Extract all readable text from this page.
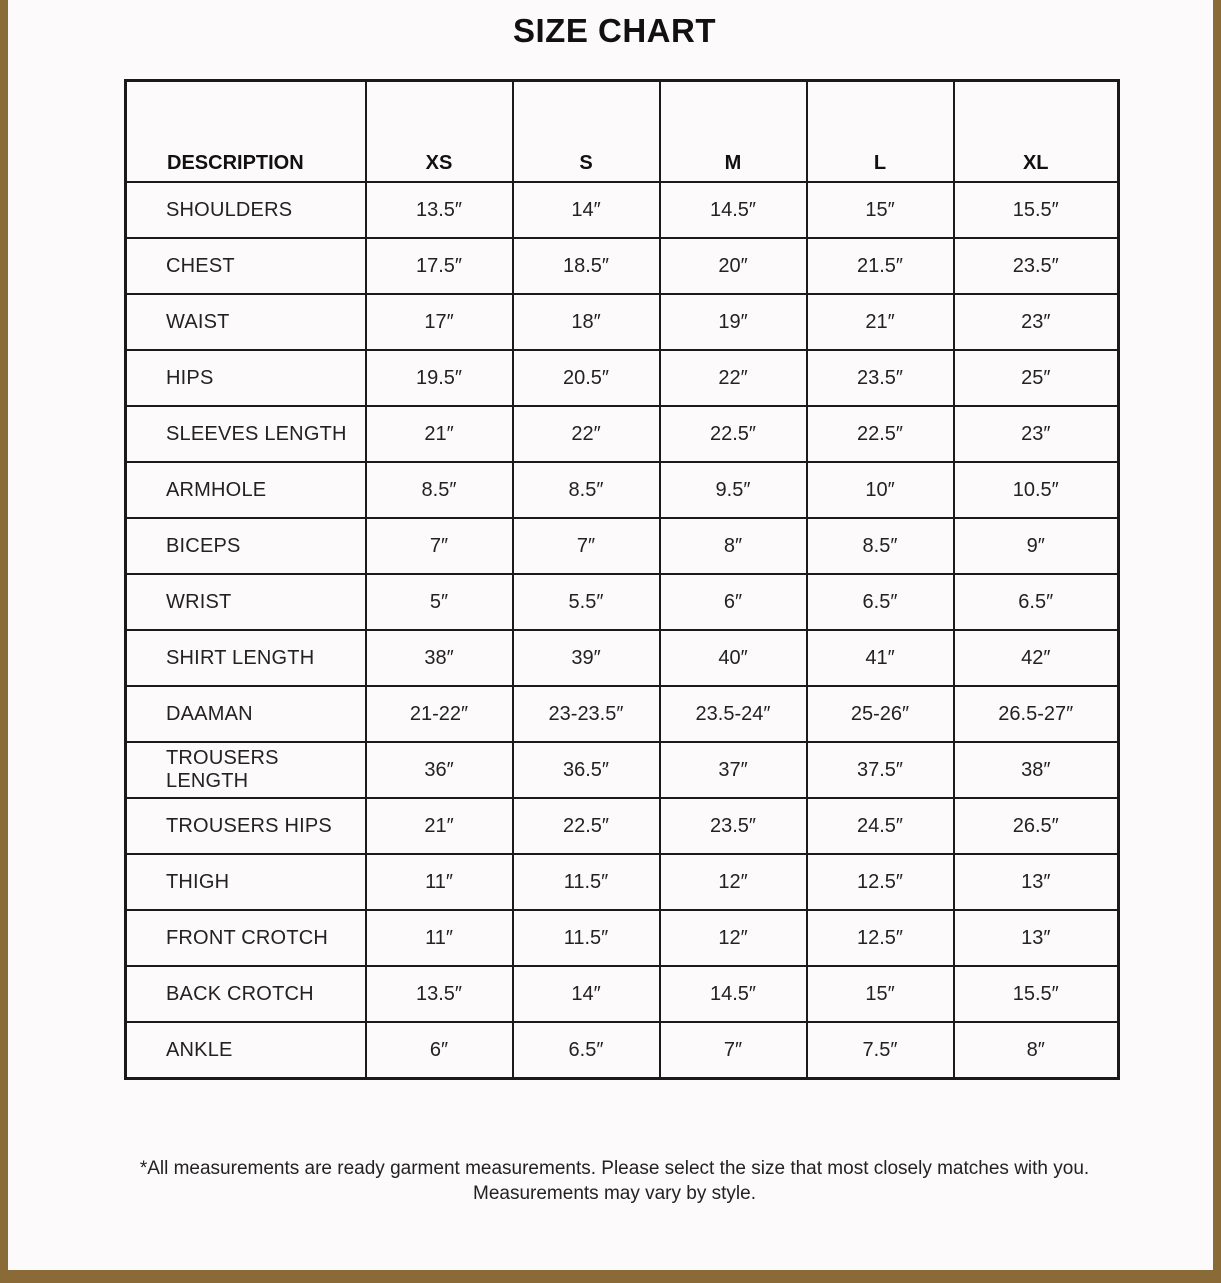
SIZE CHART
DESCRIPTION	XS	S	M	L	XL
SHOULDERS	13.5″	14″	14.5″	15″	15.5″
CHEST	17.5″	18.5″	20″	21.5″	23.5″
WAIST	17″	18″	19″	21″	23″
HIPS	19.5″	20.5″	22″	23.5″	25″
SLEEVES LENGTH	21″	22″	22.5″	22.5″	23″
ARMHOLE	8.5″	8.5″	9.5″	10″	10.5″
BICEPS	7″	7″	8″	8.5″	9″
WRIST	5″	5.5″	6″	6.5″	6.5″
SHIRT LENGTH	38″	39″	40″	41″	42″
DAAMAN	21-22″	23-23.5″	23.5-24″	25-26″	26.5-27″
TROUSERS LENGTH	36″	36.5″	37″	37.5″	38″
TROUSERS HIPS	21″	22.5″	23.5″	24.5″	26.5″
THIGH	11″	11.5″	12″	12.5″	13″
FRONT CROTCH	11″	11.5″	12″	12.5″	13″
BACK CROTCH	13.5″	14″	14.5″	15″	15.5″
ANKLE	6″	6.5″	7″	7.5″	8″
*All measurements are ready garment measurements. Please select the size that most closely matches with you.
Measurements may vary by style.
